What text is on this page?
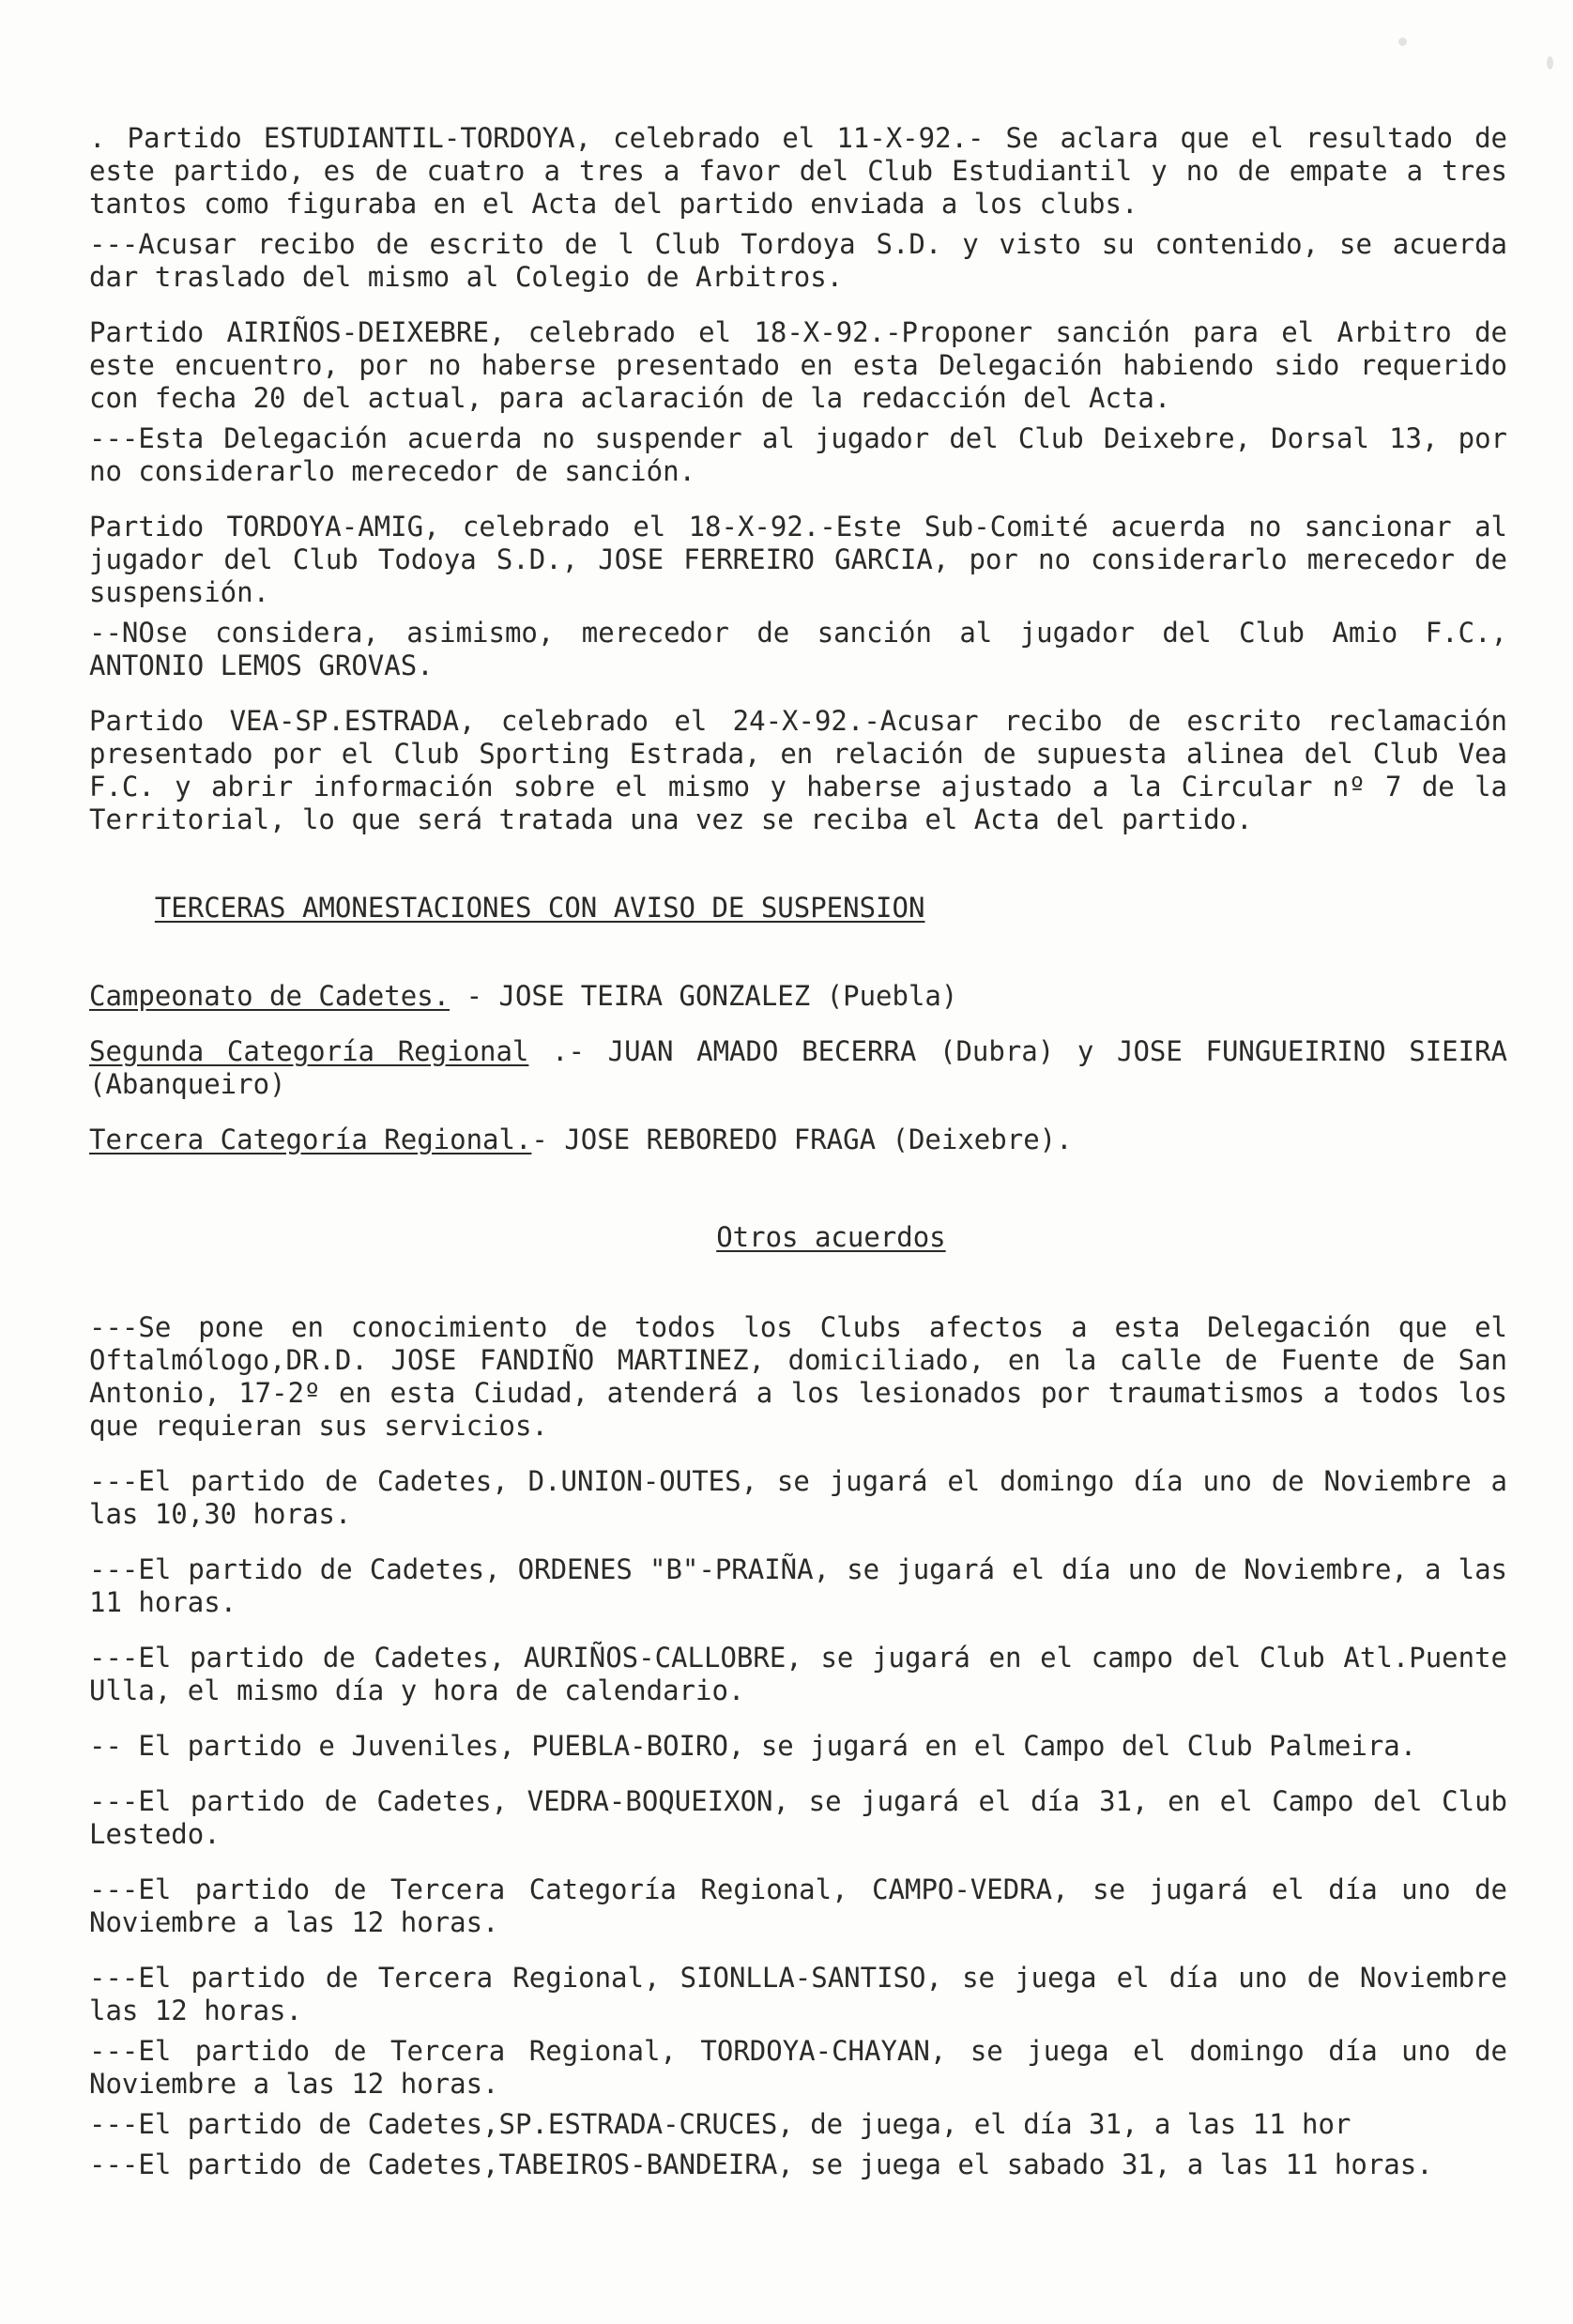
. Partido ESTUDIANTIL-TORDOYA, celebrado el 11-X-92.- Se aclara que el resultado de este partido, es de cuatro a tres a favor del Club Estudiantil y no de empate a tres tantos como figuraba en el Acta del partido enviada a los clubs.
---Acusar recibo de escrito de l Club Tordoya S.D. y visto su contenido, se acuerda dar traslado del mismo al Colegio de Arbitros.
Partido AIRIÑOS-DEIXEBRE, celebrado el 18-X-92.-Proponer sanción para el Arbitro de este encuentro, por no haberse presentado en esta Delegación habiendo sido requerido con fecha 20 del actual, para aclaración de la redacción del Acta.
---Esta Delegación acuerda no suspender al jugador del Club Deixebre, Dorsal 13, por no considerarlo merecedor de sanción.
Partido TORDOYA-AMIG, celebrado el 18-X-92.-Este Sub-Comité acuerda no sancionar al jugador del Club Todoya S.D., JOSE FERREIRO GARCIA, por no considerarlo merecedor de suspensión.
--NOse considera, asimismo, merecedor de sanción al jugador del Club Amio F.C., ANTONIO LEMOS GROVAS.
Partido VEA-SP.ESTRADA, celebrado el 24-X-92.-Acusar recibo de escrito reclamación presentado por el Club Sporting Estrada, en relación de supuesta alinea del Club Vea F.C. y abrir información sobre el mismo y haberse ajustado a la Circular nº 7 de la Territorial, lo que será tratada una vez se reciba el Acta del partido.

TERCERAS AMONESTACIONES CON AVISO DE SUSPENSION

Campeonato de Cadetes. - JOSE TEIRA GONZALEZ (Puebla)
Segunda Categoría Regional .- JUAN AMADO BECERRA (Dubra) y JOSE FUNGUEIRINO SIEIRA (Abanqueiro)
Tercera Categoría Regional.- JOSE REBOREDO FRAGA (Deixebre).

Otros acuerdos

---Se pone en conocimiento de todos los Clubs afectos a esta Delegación que el Oftalmólogo,DR.D. JOSE FANDIÑO MARTINEZ, domiciliado, en la calle de Fuente de San Antonio, 17-2º en esta Ciudad, atenderá a los lesionados por traumatismos a todos los que requieran sus servicios.
---El partido de Cadetes, D.UNION-OUTES, se jugará el domingo día uno de Noviembre a las 10,30 horas.
---El partido de Cadetes, ORDENES "B"-PRAIÑA, se jugará el día uno de Noviembre, a las 11 horas.
---El partido de Cadetes, AURIÑOS-CALLOBRE, se jugará en el campo del Club Atl.Puente Ulla, el mismo día y hora de calendario.
-- El partido e Juveniles, PUEBLA-BOIRO, se jugará en el Campo del Club Palmeira.
---El partido de Cadetes, VEDRA-BOQUEIXON, se jugará el día 31, en el Campo del Club Lestedo.
---El partido de Tercera Categoría Regional, CAMPO-VEDRA, se jugará el día uno de Noviembre a las 12 horas.
---El partido de Tercera Regional, SIONLLA-SANTISO, se juega el día uno de Noviembre las 12 horas.
---El partido de Tercera Regional, TORDOYA-CHAYAN, se juega el domingo día uno de Noviembre a las 12 horas.
---El partido de Cadetes,SP.ESTRADA-CRUCES, de juega, el día 31, a las 11 hor
---El partido de Cadetes,TABEIROS-BANDEIRA, se juega el sabado 31, a las 11 horas.
